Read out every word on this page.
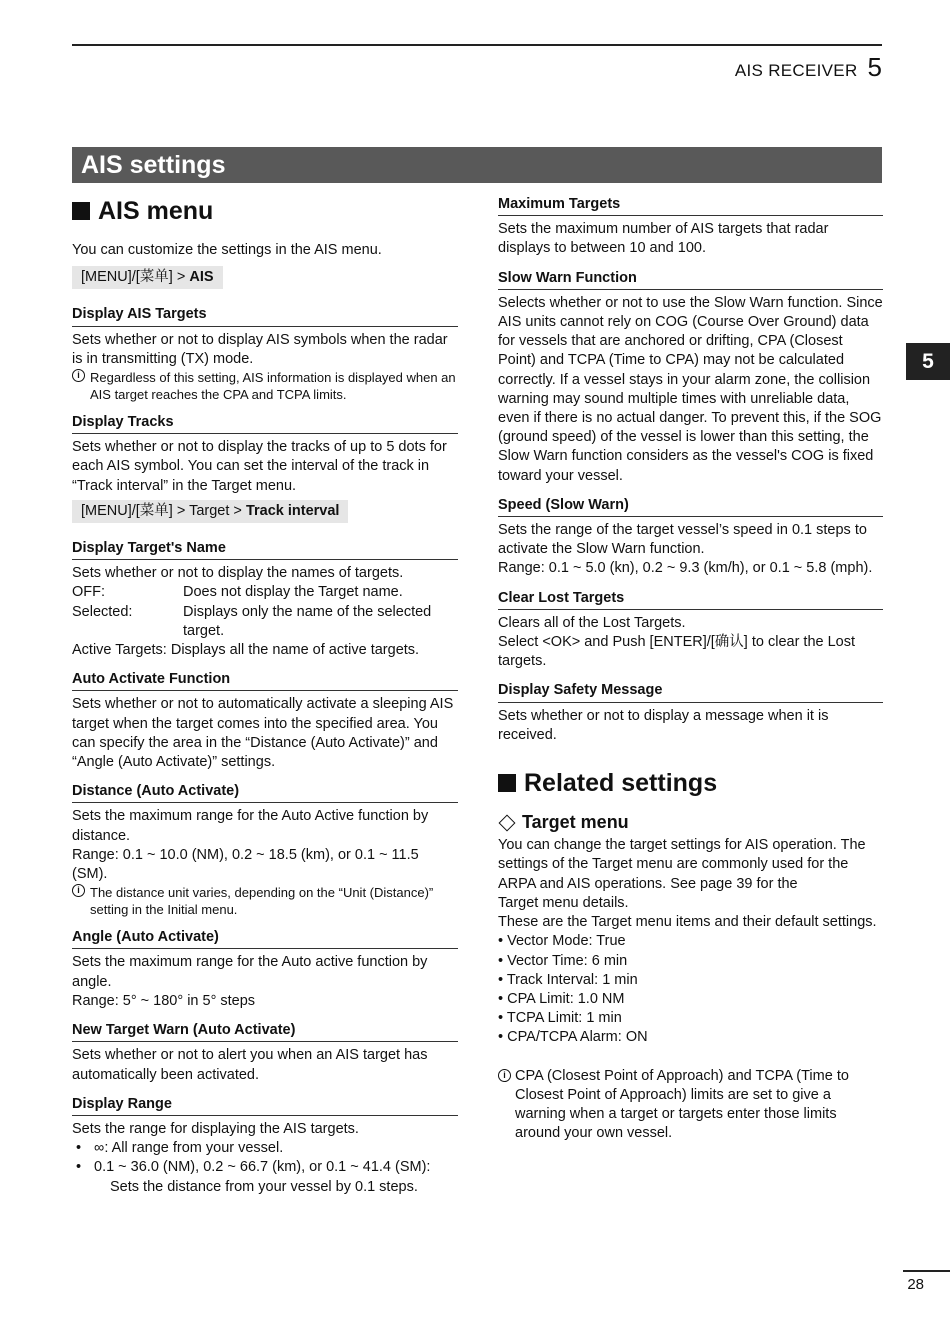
AIS RECEIVER 5
AIS settings
5
AIS menu

You can customize the settings in the AIS menu.

[MENU]/[菜单] > AIS
Display AIS Targets

Sets whether or not to display AIS symbols when the radar is in transmitting (TX) mode.

i Regardless of this setting, AIS information is displayed when an AIS target reaches the CPA and TCPA limits.
Display Tracks

Sets whether or not to display the tracks of up to 5 dots for each AIS symbol. You can set the interval of the track in “Track interval” in the Target menu.

[MENU]/[菜单] > Target > Track interval
Display Target's Name

Sets whether or not to display the names of targets.

OFF:	Does not display the Target name.
Selected:	Displays only the name of the selected target.
Active Targets: Displays all the name of active targets.
Auto Activate Function

Sets whether or not to automatically activate a sleeping AIS target when the target comes into the specified area. You can specify the area in the “Distance (Auto Activate)” and “Angle (Auto Activate)” settings.

Distance (Auto Activate)

Sets the maximum range for the Auto Active function by distance.

Range: 0.1 ~ 10.0 (NM), 0.2 ~ 18.5 (km), or 0.1 ~ 11.5 (SM).

i The distance unit varies, depending on the “Unit (Distance)” setting in the Initial menu.
Angle (Auto Activate)

Sets the maximum range for the Auto active function by angle.

Range: 5° ~ 180° in 5° steps

New Target Warn (Auto Activate)

Sets whether or not to alert you when an AIS target has automatically been activated.

Display Range

Sets the range for displaying the AIS targets.

• ∞: All range from your vessel.
• 0.1 ~ 36.0 (NM), 0.2 ~ 66.7 (km), or 0.1 ~ 41.4 (SM):

Sets the distance from your vessel by 0.1 steps.

Maximum Targets

Sets the maximum number of AIS targets that radar displays to between 10 and 100.

Slow Warn Function

Selects whether or not to use the Slow Warn function. Since AIS units cannot rely on COG (Course Over Ground) data for vessels that are anchored or drifting, CPA (Closest Point) and TCPA (Time to CPA) may not be calculated correctly. If a vessel stays in your alarm zone, the collision warning may sound multiple times with unreliable data, even if there is no actual danger. To prevent this, if the SOG (ground speed) of the vessel is lower than this setting, the Slow Warn function considers as the vessel's COG is fixed toward your vessel.

Speed (Slow Warn)

Sets the range of the target vessel’s speed in 0.1 steps to activate the Slow Warn function.

Range: 0.1 ~ 5.0 (kn), 0.2 ~ 9.3 (km/h), or 0.1 ~ 5.8 (mph).

Clear Lost Targets

Clears all of the Lost Targets.

Select <OK> and Push [ENTER]/[确认] to clear the Lost targets.

Display Safety Message

Sets whether or not to display a message when it is received.

Related settings
Target menu

You can change the target settings for AIS operation. The settings of the Target menu are commonly used for the ARPA and AIS operations. See page 39 for the

Target menu details.

These are the Target menu items and their default settings.

• Vector Mode: True
• Vector Time: 6 min
• Track Interval: 1 min
• CPA Limit: 1.0 NM
• TCPA Limit: 1 min
• CPA/TCPA Alarm: ON
i CPA (Closest Point of Approach) and TCPA (Time to Closest Point of Approach) limits are set to give a warning when a target or targets enter those limits around your own vessel.
28
